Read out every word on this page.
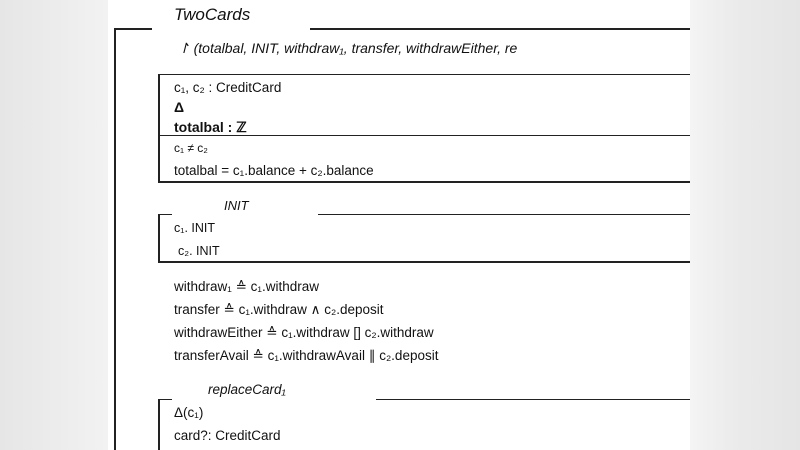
TwoCards
↾ (totalbal, INIT, withdraw₁, transfer, withdrawEither, re
c₁, c₂ : CreditCard
Δ
totalbal : ℤ
c₁ ≠ c₂
totalbal = c₁.balance + c₂.balance
INIT
c₁. INIT
c₂. INIT
withdraw₁ ≙ c₁.withdraw
transfer ≙ c₁.withdraw ∧ c₂.deposit
withdrawEither ≙ c₁.withdraw [] c₂.withdraw
transferAvail ≙ c₁.withdrawAvail ∥ c₂.deposit
replaceCard₁
Δ(c₁)
card?: CreditCard
